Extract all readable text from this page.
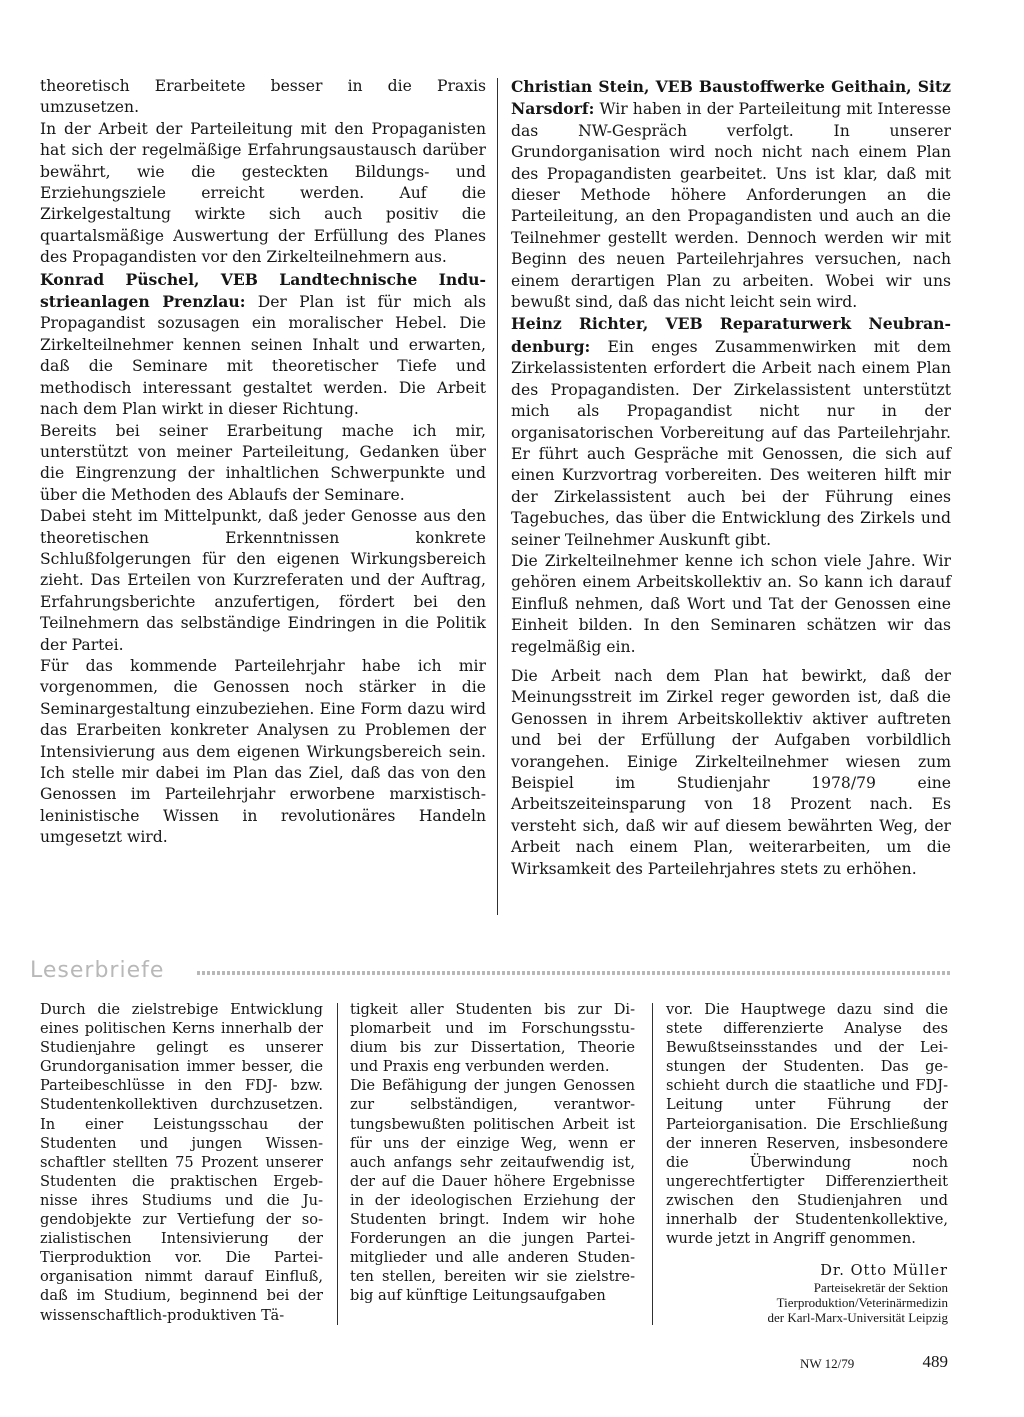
theoretisch Erarbeitete besser in die Praxis umzusetzen.

In der Arbeit der Parteileitung mit den Propaganisten hat sich der regelmäßige Erfahrungsaustausch darüber bewährt, wie die gesteckten Bildungs- und Erziehungsziele erreicht werden. Auf die Zirkelgestaltung wirkte sich auch positiv die quartalsmäßige Auswertung der Erfüllung des Planes des Propagandisten vor den Zirkelteilnehmern aus.

Konrad Püschel, VEB Landtechnische Industrieanlagen Prenzlau: Der Plan ist für mich als Propagandist sozusagen ein moralischer Hebel. Die Zirkelteilnehmer kennen seinen Inhalt und erwarten, daß die Seminare mit theoretischer Tiefe und methodisch interessant gestaltet werden. Die Arbeit nach dem Plan wirkt in dieser Richtung.

Bereits bei seiner Erarbeitung mache ich mir, unterstützt von meiner Parteileitung, Gedanken über die Eingrenzung der inhaltlichen Schwerpunkte und über die Methoden des Ablaufs der Seminare.

Dabei steht im Mittelpunkt, daß jeder Genosse aus den theoretischen Erkenntnissen konkrete Schlußfolgerungen für den eigenen Wirkungsbereich zieht. Das Erteilen von Kurzreferaten und der Auftrag, Erfahrungsberichte anzufertigen, fördert bei den Teilnehmern das selbständige Eindringen in die Politik der Partei.

Für das kommende Parteilehrjahr habe ich mir vorgenommen, die Genossen noch stärker in die Seminargestaltung einzubeziehen. Eine Form dazu wird das Erarbeiten konkreter Analysen zu Problemen der Intensivierung aus dem eigenen Wirkungsbereich sein. Ich stelle mir dabei im Plan das Ziel, daß das von den Genossen im Parteilehrjahr erworbene marxistisch-leninistische Wissen in revolutionäres Handeln umgesetzt wird.

Christian Stein, VEB Baustoffwerke Geithain, Sitz Narsdorf: Wir haben in der Parteileitung mit Interesse das NW-Gespräch verfolgt. In unserer Grundorganisation wird noch nicht nach einem Plan des Propagandisten gearbeitet. Uns ist klar, daß mit dieser Methode höhere Anforderungen an die Parteileitung, an den Propagandisten und auch an die Teilnehmer gestellt werden. Dennoch werden wir mit Beginn des neuen Parteilehrjahres versuchen, nach einem derartigen Plan zu arbeiten. Wobei wir uns bewußt sind, daß das nicht leicht sein wird.

Heinz Richter, VEB Reparaturwerk Neubrandenburg: Ein enges Zusammenwirken mit dem Zirkelassistenten erfordert die Arbeit nach einem Plan des Propagandisten. Der Zirkelassistent unterstützt mich als Propagandist nicht nur in der organisatorischen Vorbereitung auf das Parteilehrjahr. Er führt auch Gespräche mit Genossen, die sich auf einen Kurzvortrag vorbereiten. Des weiteren hilft mir der Zirkelassistent auch bei der Führung eines Tagebuches, das über die Entwicklung des Zirkels und seiner Teilnehmer Auskunft gibt.

Die Zirkelteilnehmer kenne ich schon viele Jahre. Wir gehören einem Arbeitskollektiv an. So kann ich darauf Einfluß nehmen, daß Wort und Tat der Genossen eine Einheit bilden. In den Seminaren schätzen wir das regelmäßig ein.

Die Arbeit nach dem Plan hat bewirkt, daß der Meinungsstreit im Zirkel reger geworden ist, daß die Genossen in ihrem Arbeitskollektiv aktiver auftreten und bei der Erfüllung der Aufgaben vorbildlich vorangehen. Einige Zirkelteilnehmer wiesen zum Beispiel im Studienjahr 1978/79 eine Arbeitszeiteinsparung von 18 Prozent nach. Es versteht sich, daß wir auf diesem bewährten Weg, der Arbeit nach einem Plan, weiterarbeiten, um die Wirksamkeit des Parteilehrjahres stets zu erhöhen.

Leserbriefe

Durch die zielstrebige Entwicklung eines politischen Kerns innerhalb der Studienjahre gelingt es unserer Grundorganisation immer besser, die Parteibeschlüsse in den FDJ- bzw. Studentenkollektiven durchzusetzen. In einer Leistungsschau der Studenten und jungen Wissenschaftler stellten 75 Prozent unserer Studenten die praktischen Ergebnisse ihres Studiums und die Jugendobjekte zur Vertiefung der sozialistischen Intensivierung der Tierproduktion vor. Die Parteiorganisation nimmt darauf Einfluß, daß im Studium, beginnend bei der wissenschaftlich-produktiven Tä-

tigkeit aller Studenten bis zur Diplomarbeit und im Forschungsstudium bis zur Dissertation, Theorie und Praxis eng verbunden werden.

Die Befähigung der jungen Genossen zur selbständigen, verantwortungsbewußten politischen Arbeit ist für uns der einzige Weg, wenn er auch anfangs sehr zeitaufwendig ist, der auf die Dauer höhere Ergebnisse in der ideologischen Erziehung der Studenten bringt. Indem wir hohe Forderungen an die jungen Parteimitglieder und alle anderen Studenten stellen, bereiten wir sie zielstrebig auf künftige Leitungsaufgaben

vor. Die Hauptwege dazu sind die stete differenzierte Analyse des Bewußtseinsstandes und der Leistungen der Studenten. Das geschieht durch die staatliche und FDJ-Leitung unter Führung der Parteiorganisation. Die Erschließung der inneren Reserven, insbesondere die Überwindung noch ungerechtfertigter Differenziertheit zwischen den Studienjahren und innerhalb der Studentenkollektive, wurde jetzt in Angriff genommen.

Dr. Otto Müller
Parteisekretär der Sektion
Tierproduktion/Veterinärmedizin
der Karl-Marx-Universität Leipzig
NW 12/79	489
